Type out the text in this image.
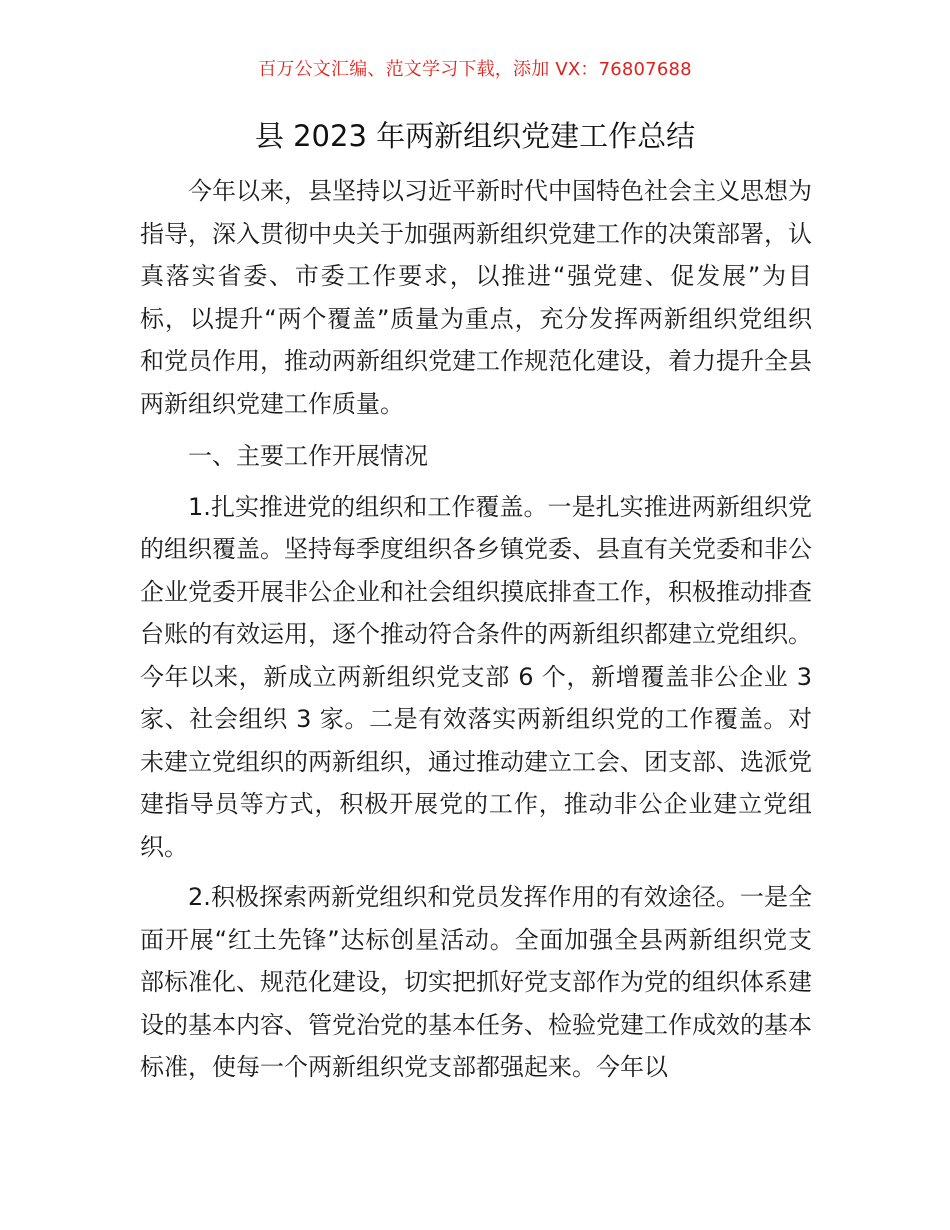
百万公文汇编、范文学习下载，添加 VX：76807688
县 2023 年两新组织党建工作总结

今年以来，县坚持以习近平新时代中国特色社会主义思想为指导，深入贯彻中央关于加强两新组织党建工作的决策部署，认真落实省委、市委工作要求，以推进“强党建、促发展”为目标，以提升“两个覆盖”质量为重点，充分发挥两新组织党组织和党员作用，推动两新组织党建工作规范化建设，着力提升全县两新组织党建工作质量。

一、主要工作开展情况

1.扎实推进党的组织和工作覆盖。一是扎实推进两新组织党的组织覆盖。坚持每季度组织各乡镇党委、县直有关党委和非公企业党委开展非公企业和社会组织摸底排查工作，积极推动排查台账的有效运用，逐个推动符合条件的两新组织都建立党组织。今年以来，新成立两新组织党支部 6 个，新增覆盖非公企业 3 家、社会组织 3 家。二是有效落实两新组织党的工作覆盖。对未建立党组织的两新组织，通过推动建立工会、团支部、选派党建指导员等方式，积极开展党的工作，推动非公企业建立党组织。

2.积极探索两新党组织和党员发挥作用的有效途径。一是全面开展“红土先锋”达标创星活动。全面加强全县两新组织党支部标准化、规范化建设，切实把抓好党支部作为党的组织体系建设的基本内容、管党治党的基本任务、检验党建工作成效的基本标准，使每一个两新组织党支部都强起来。今年以
